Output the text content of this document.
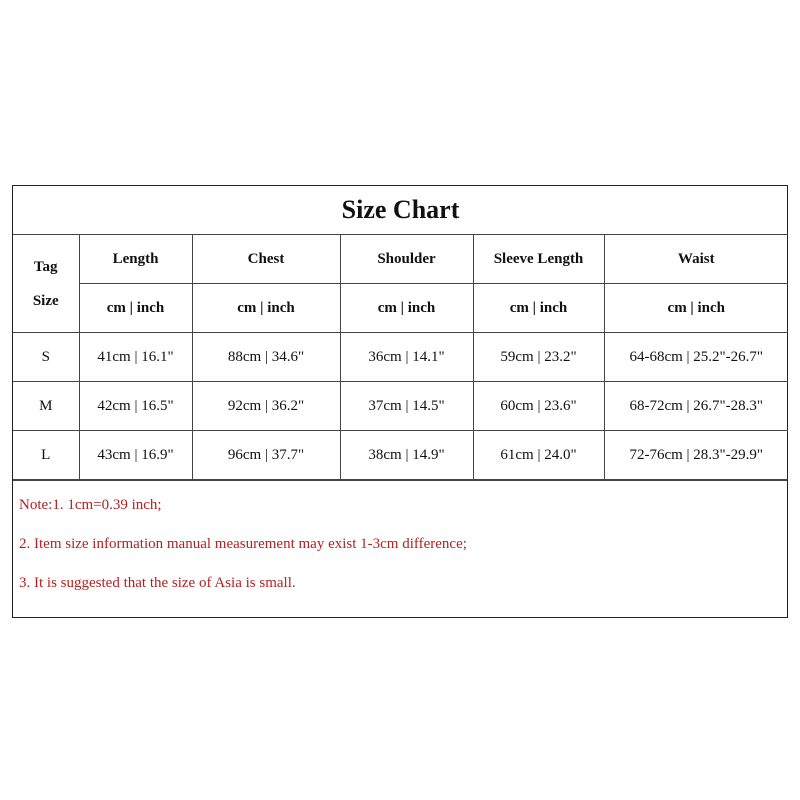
Size Chart					

Tag
Size	Length	Chest	Shoulder	Sleeve Length	Waist
	cm | inch	cm | inch	cm | inch	cm | inch	cm | inch
S	41cm | 16.1"	88cm | 34.6"	36cm | 14.1"	59cm | 23.2"	64-68cm | 25.2"-26.7"
M	42cm | 16.5"	92cm | 36.2"	37cm | 14.5"	60cm | 23.6"	68-72cm | 26.7"-28.3"
L	43cm | 16.9"	96cm | 37.7"	38cm | 14.9"	61cm | 24.0"	72-76cm | 28.3"-29.9"
Note:1. 1cm=0.39 inch;
2. Item size information manual measurement may exist 1-3cm difference;
3. It is suggested that the size of Asia is small.
